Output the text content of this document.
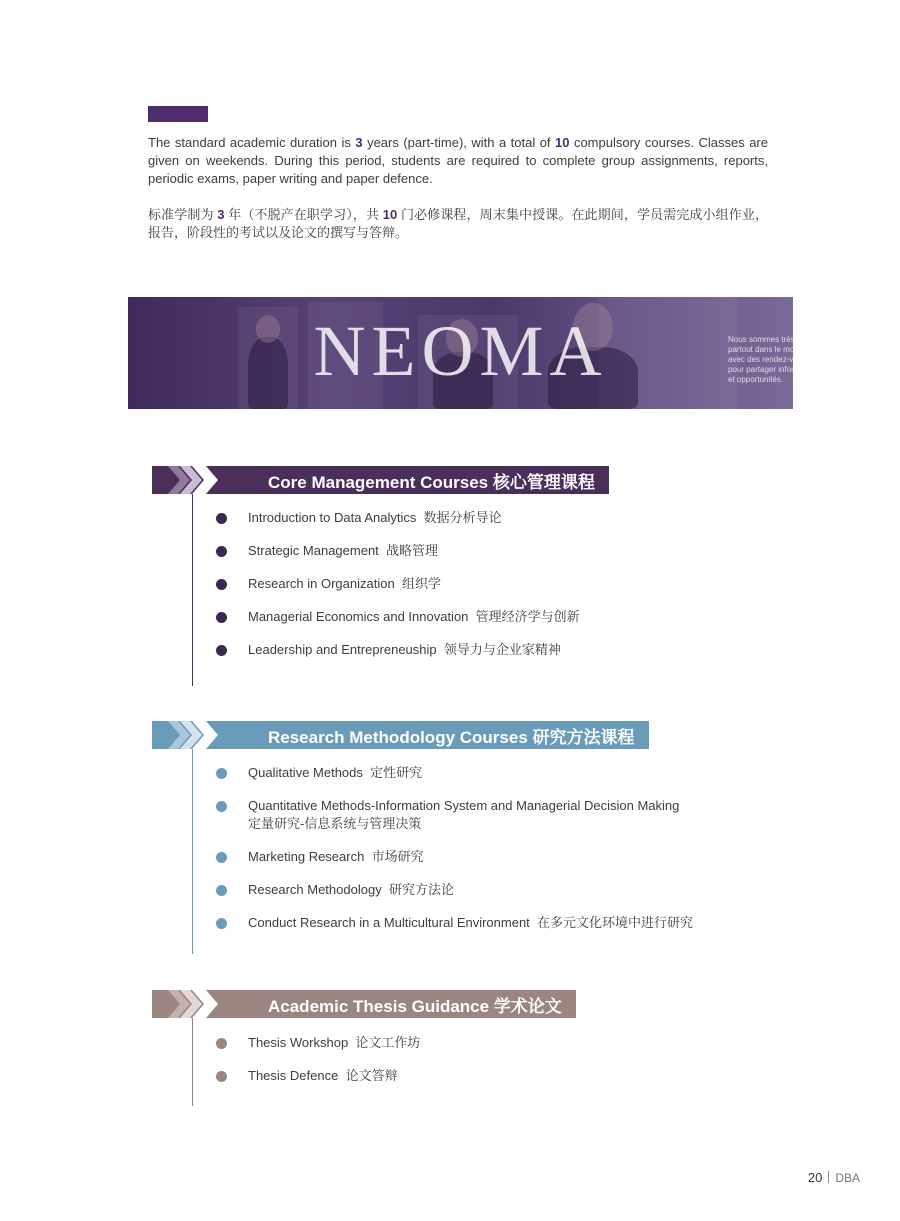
The standard academic duration is 3 years (part-time), with a total of 10 compulsory courses. Classes are given on weekends. During this period, students are required to complete group assignments, reports, periodic exams, paper writing and paper defence.

标准学制为 3 年（不脱产在职学习），共 10 门必修课程，周末集中授课。在此期间，学员需完成小组作业，报告，阶段性的考试以及论文的撰写与答辩。

Nous sommes très implanté
partout dans le monde,
avec des rendez-vous fréquents
pour partager informations
et opportunités.
NEOMA
Core Management Courses 核心管理课程
Introduction to Data Analytics 数据分析导论
Strategic Management 战略管理
Research in Organization 组织学
Managerial Economics and Innovation 管理经济学与创新
Leadership and Entrepreneuship 领导力与企业家精神
Research Methodology Courses 研究方法课程
Qualitative Methods 定性研究
Quantitative Methods-Information System and Managerial Decision Making
定量研究-信息系统与管理决策
Marketing Research 市场研究
Research Methodology 研究方法论
Conduct Research in a Multicultural Environment 在多元文化环境中进行研究
Academic Thesis Guidance 学术论文
Thesis Workshop 论文工作坊
Thesis Defence 论文答辩
20 DBA
